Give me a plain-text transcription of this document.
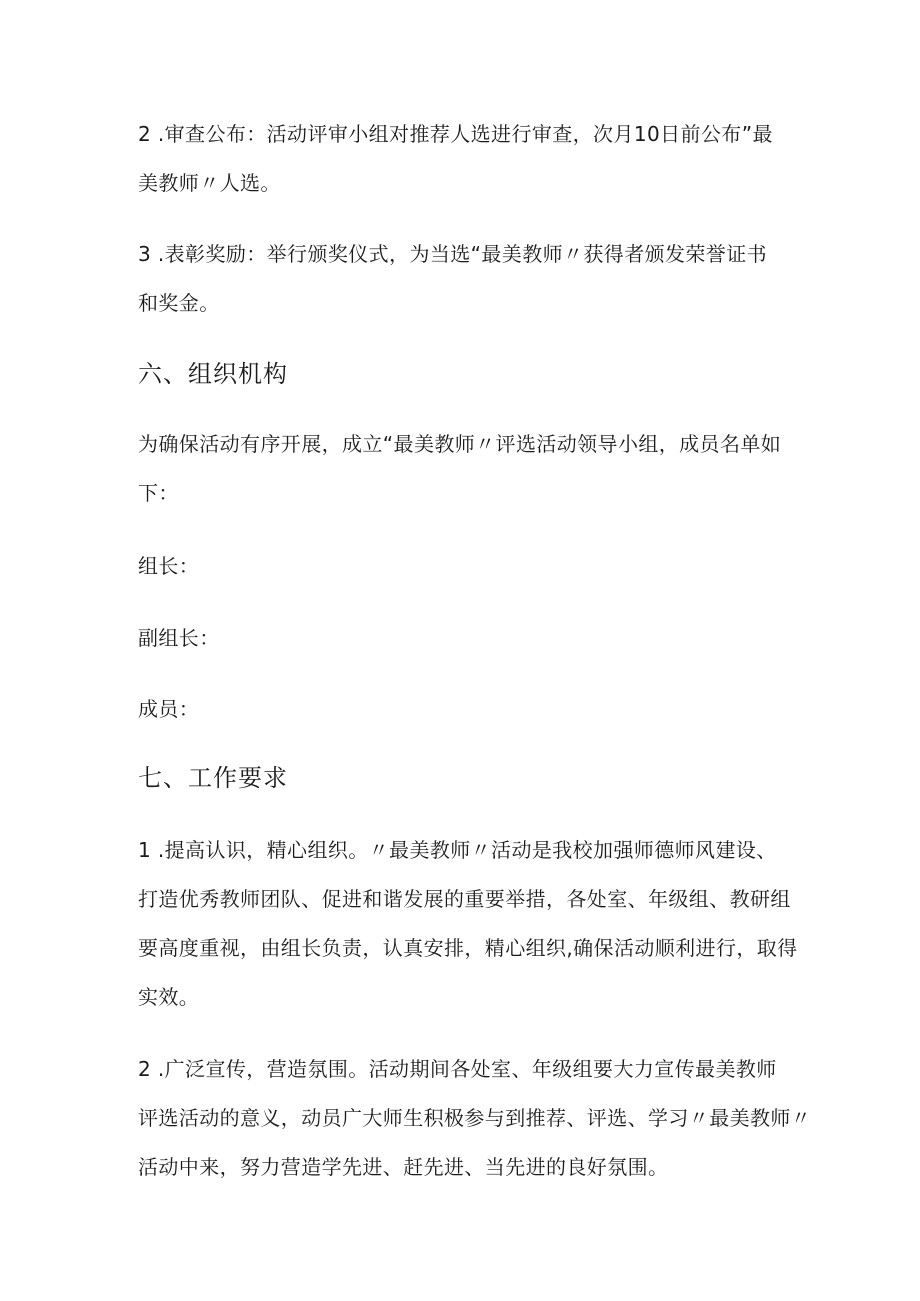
2 .审查公布：活动评审小组对推荐人选进行审查，次月10日前公布”最
美教师〃人选。
3 .表彰奖励：举行颁奖仪式，为当选“最美教师〃获得者颁发荣誉证书
和奖金。
六、组织机构
为确保活动有序开展，成立“最美教师〃评选活动领导小组，成员名单如
下：
组长：
副组长：
成员：
七、工作要求
1 .提高认识，精心组织。〃最美教师〃活动是我校加强师德师风建设、
打造优秀教师团队、促进和谐发展的重要举措，各处室、年级组、教研组
要高度重视，由组长负责，认真安排，精心组织,确保活动顺利进行，取得
实效。
2 .广泛宣传，营造氛围。活动期间各处室、年级组要大力宣传最美教师
评选活动的意义，动员广大师生积极参与到推荐、评选、学习〃最美教师〃
活动中来，努力营造学先进、赶先进、当先进的良好氛围。
